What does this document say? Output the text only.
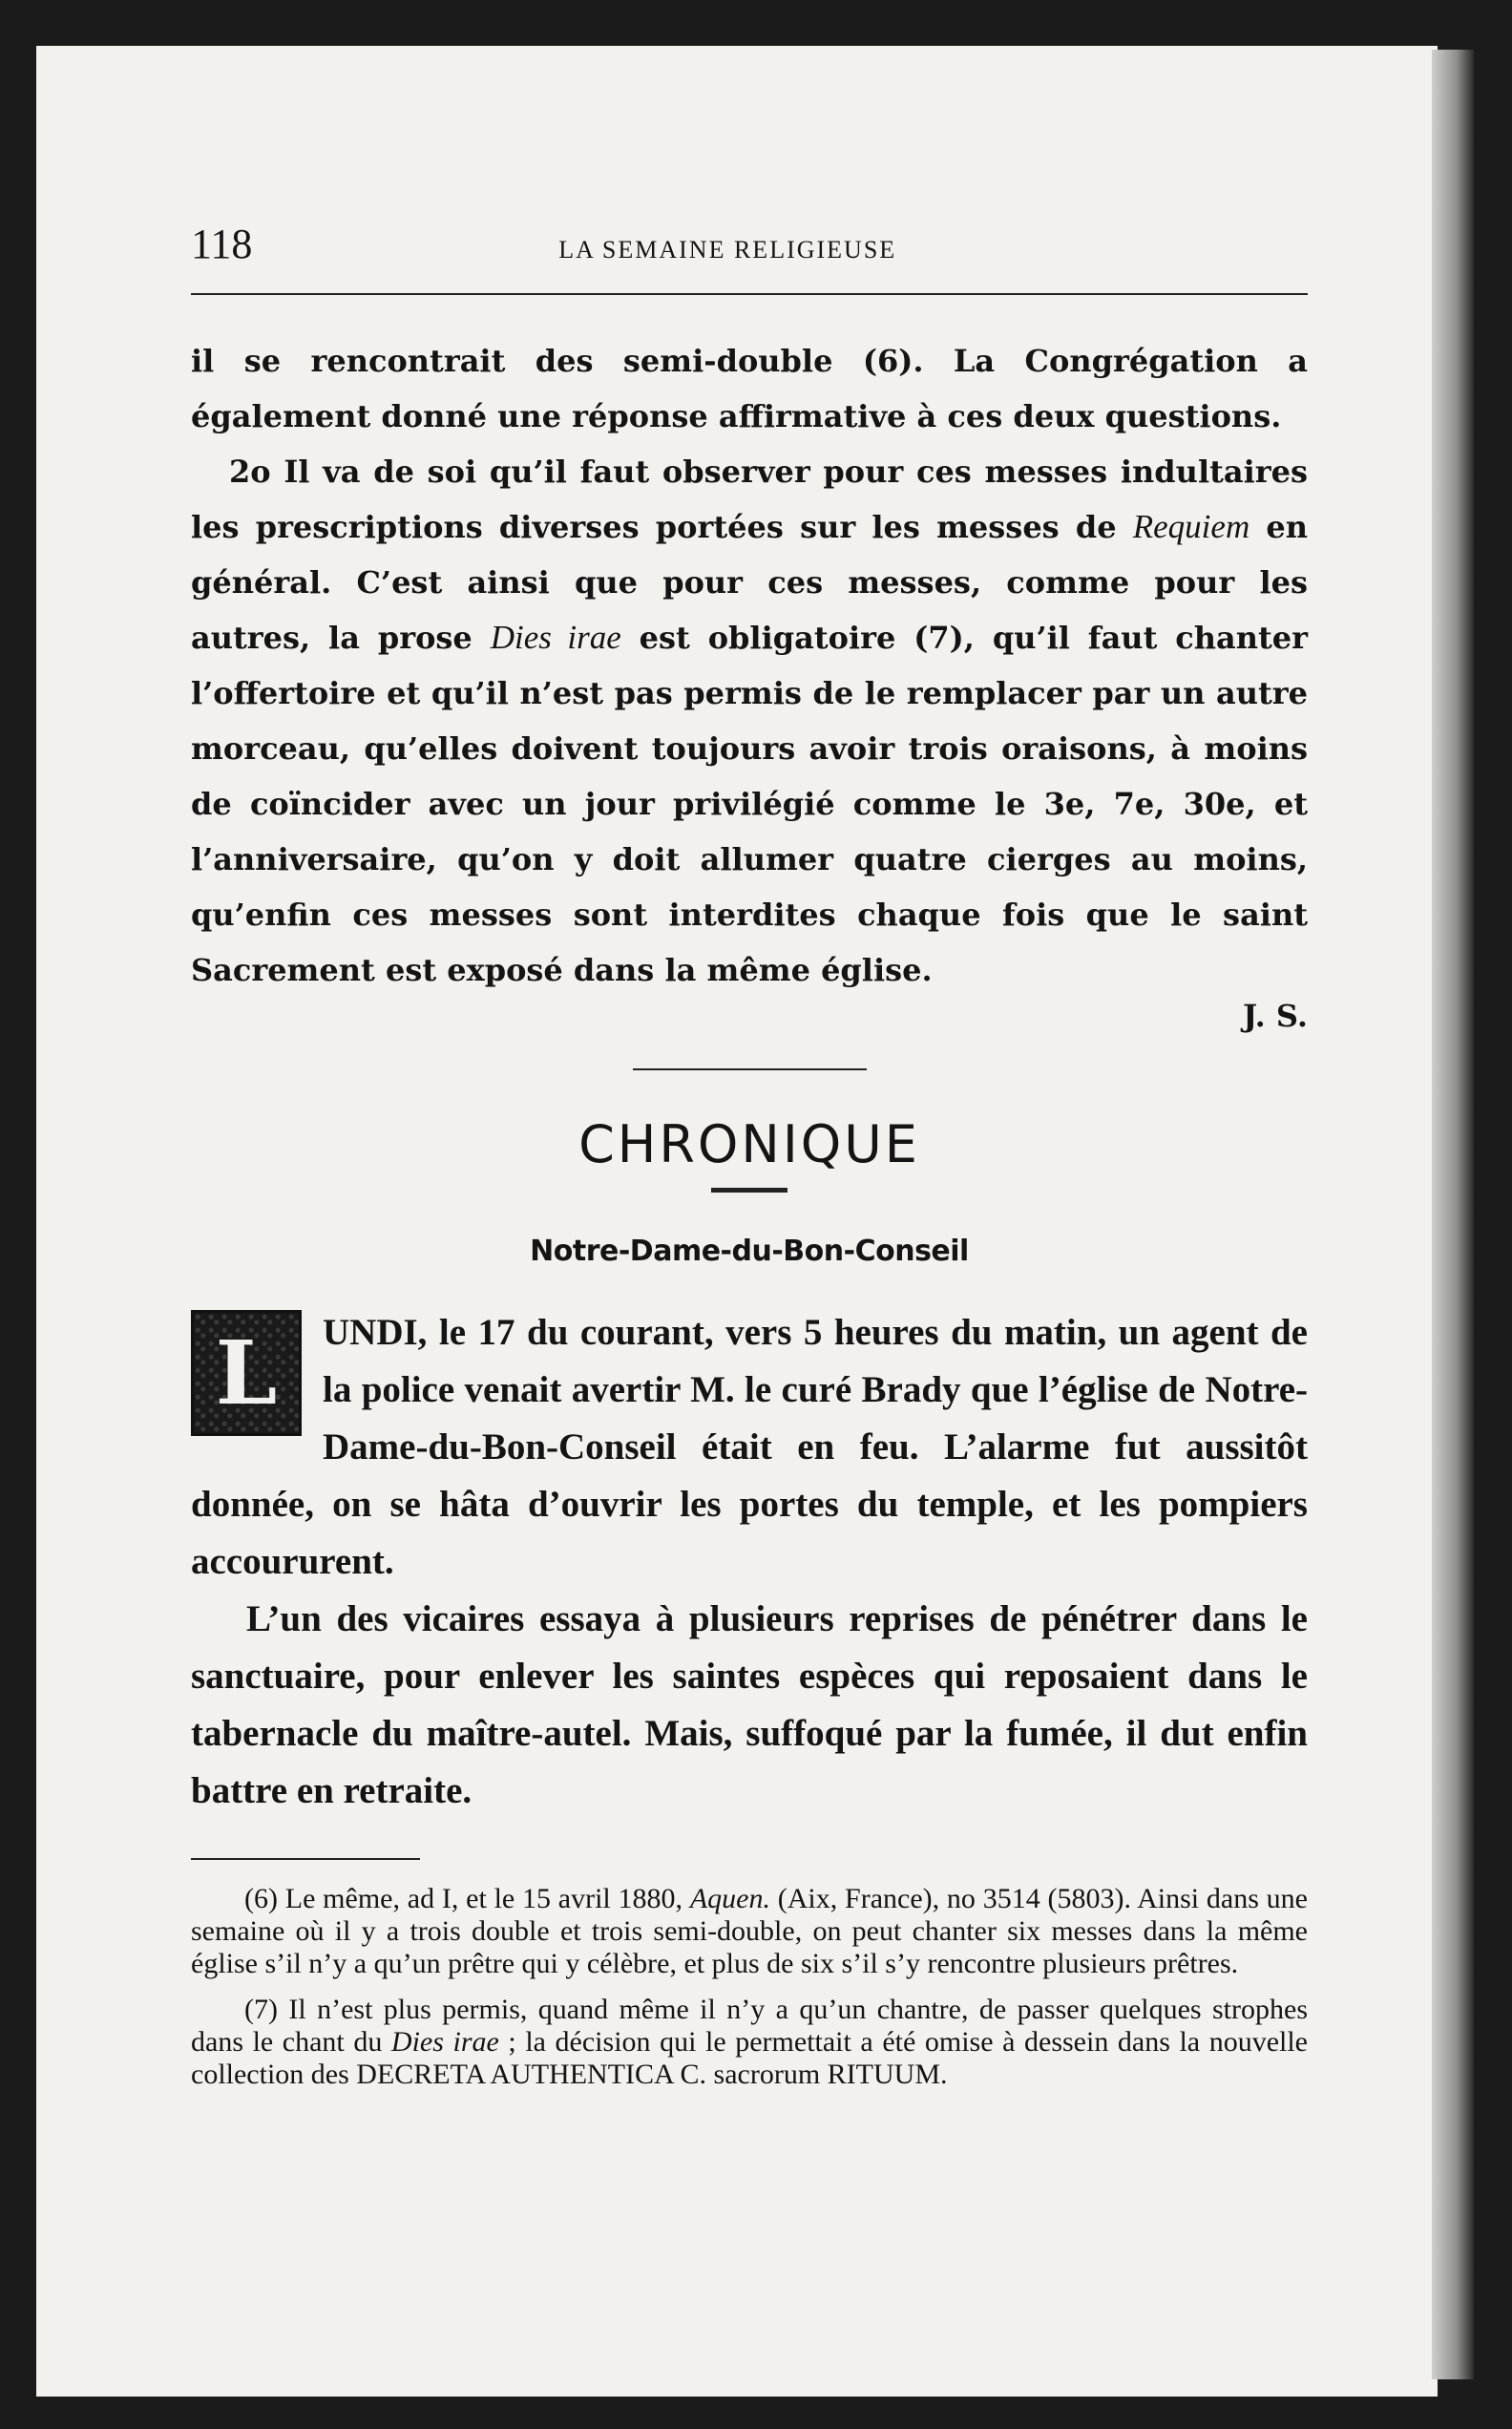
118	LA SEMAINE RELIGIEUSE

il se rencontrait des semi-double (6). La Congrégation a également donné une réponse affirmative à ces deux questions.

2o Il va de soi qu’il faut observer pour ces messes indultaires les prescriptions diverses portées sur les messes de Requiem en général. C’est ainsi que pour ces messes, comme pour les autres, la prose Dies irae est obligatoire (7), qu’il faut chanter l’offertoire et qu’il n’est pas permis de le remplacer par un autre morceau, qu’elles doivent toujours avoir trois oraisons, à moins de coïncider avec un jour privilégié comme le 3e, 7e, 30e, et l’anniversaire, qu’on y doit allumer quatre cierges au moins, qu’enfin ces messes sont interdites chaque fois que le saint Sacrement est exposé dans la même église.

J. S.
CHRONIQUE
Notre-Dame-du-Bon-Conseil
L	UNDI, le 17 du courant, vers 5 heures du matin, un agent de la police venait avertir M. le curé Brady que l’église de Notre-Dame-du-Bon-Conseil était en feu. L’alarme fut aussitôt donnée, on se hâta d’ouvrir les portes du temple, et les pompiers accoururent.

L’un des vicaires essaya à plusieurs reprises de pénétrer dans le sanctuaire, pour enlever les saintes espèces qui reposaient dans le tabernacle du maître-autel. Mais, suffoqué par la fumée, il dut enfin battre en retraite.

(6) Le même, ad I, et le 15 avril 1880, Aquen. (Aix, France), no 3514 (5803). Ainsi dans une semaine où il y a trois double et trois semi-double, on peut chanter six messes dans la même église s’il n’y a qu’un prêtre qui y célèbre, et plus de six s’il s’y rencontre plusieurs prêtres.

(7) Il n’est plus permis, quand même il n’y a qu’un chantre, de passer quelques strophes dans le chant du Dies irae ; la décision qui le permettait a été omise à dessein dans la nouvelle collection des DECRETA AUTHENTICA C. sacrorum RITUUM.
